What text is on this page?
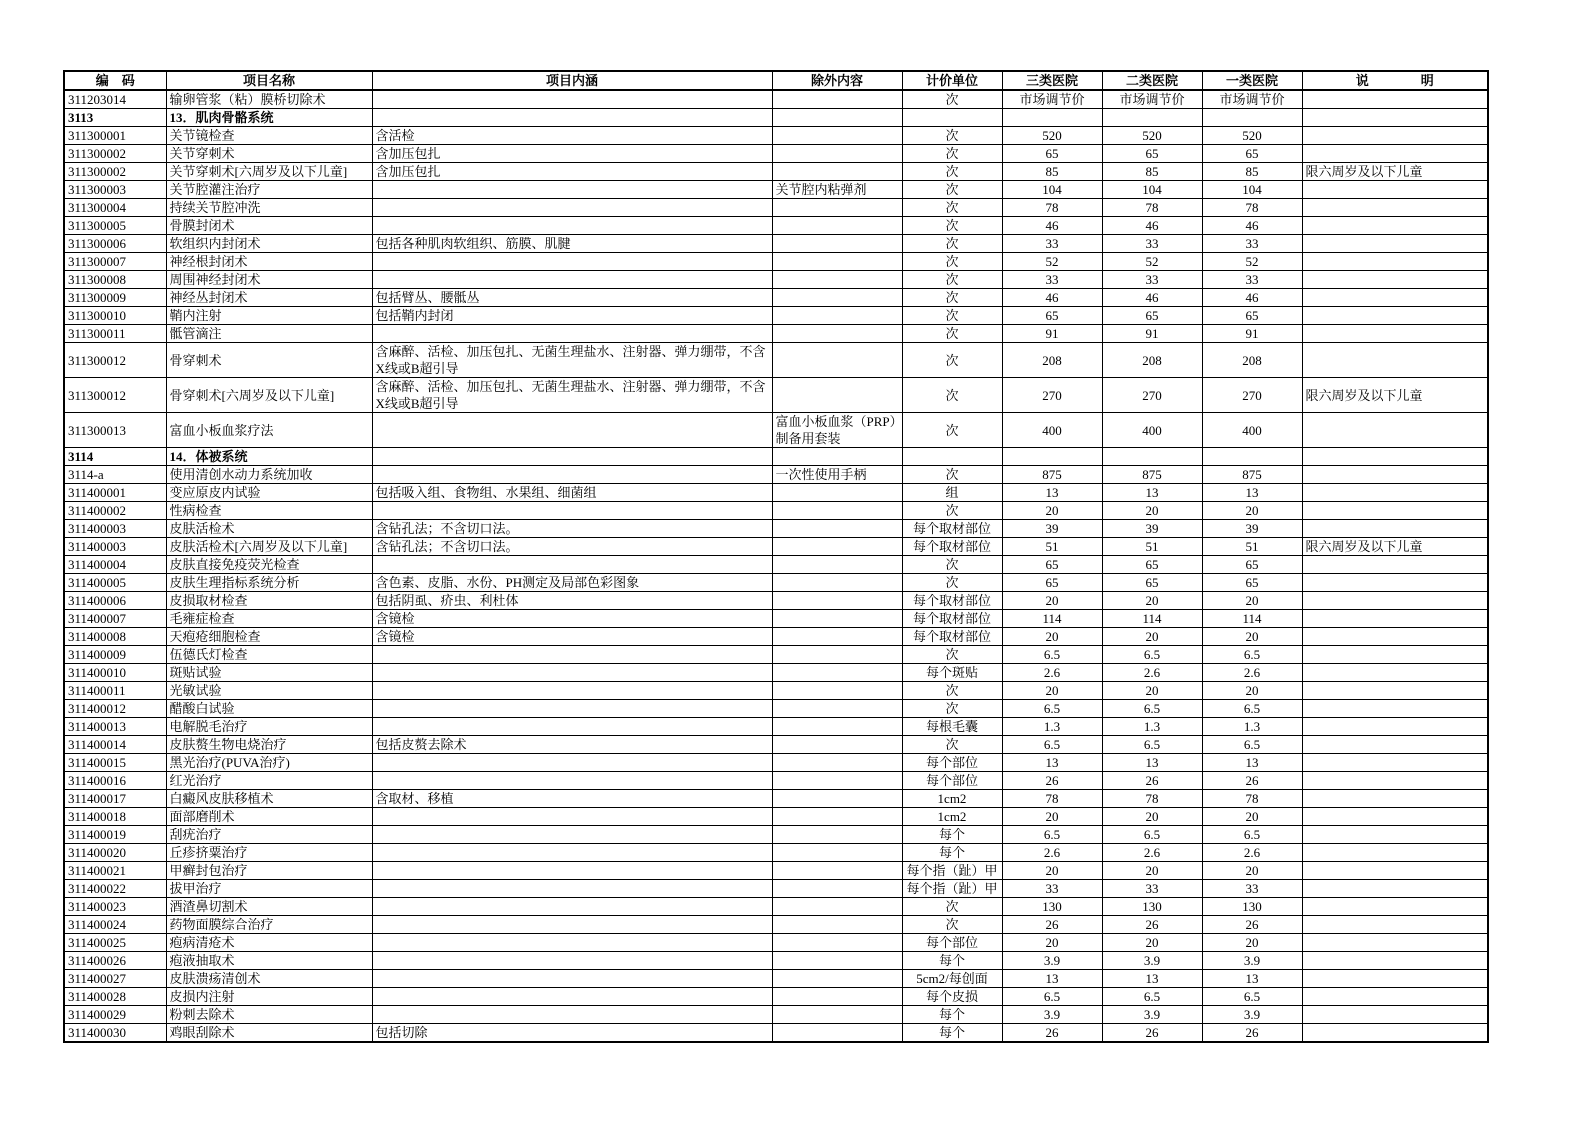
编　码	项目名称	项目内涵	除外内容	计价单位	三类医院	二类医院	一类医院	说　　　　明
311203014	输卵管浆（粘）膜桥切除术			次	市场调节价	市场调节价	市场调节价	
3113	13．肌肉骨骼系统							
311300001	关节镜检查	含活检		次	520	520	520	
311300002	关节穿刺术	含加压包扎		次	65	65	65	
311300002	关节穿刺术[六周岁及以下儿童]	含加压包扎		次	85	85	85	限六周岁及以下儿童
311300003	关节腔灌注治疗		关节腔内粘弹剂	次	104	104	104	
311300004	持续关节腔冲洗			次	78	78	78	
311300005	骨膜封闭术			次	46	46	46	
311300006	软组织内封闭术	包括各种肌肉软组织、筋膜、肌腱		次	33	33	33	
311300007	神经根封闭术			次	52	52	52	
311300008	周围神经封闭术			次	33	33	33	
311300009	神经丛封闭术	包括臂丛、腰骶丛		次	46	46	46	
311300010	鞘内注射	包括鞘内封闭		次	65	65	65	
311300011	骶管滴注			次	91	91	91	
311300012	骨穿刺术	含麻醉、活检、加压包扎、无菌生理盐水、注射器、弹力绷带，不含X线或B超引导		次	208	208	208	
311300012	骨穿刺术[六周岁及以下儿童]	含麻醉、活检、加压包扎、无菌生理盐水、注射器、弹力绷带，不含X线或B超引导		次	270	270	270	限六周岁及以下儿童
311300013	富血小板血浆疗法		富血小板血浆（PRP）制备用套装	次	400	400	400	
3114	14．体被系统							
3114-a	使用清创水动力系统加收		一次性使用手柄	次	875	875	875	
311400001	变应原皮内试验	包括吸入组、食物组、水果组、细菌组		组	13	13	13	
311400002	性病检查			次	20	20	20	
311400003	皮肤活检术	含钻孔法；不含切口法。		每个取材部位	39	39	39	
311400003	皮肤活检术[六周岁及以下儿童]	含钻孔法；不含切口法。		每个取材部位	51	51	51	限六周岁及以下儿童
311400004	皮肤直接免疫荧光检查			次	65	65	65	
311400005	皮肤生理指标系统分析	含色素、皮脂、水份、PH测定及局部色彩图象		次	65	65	65	
311400006	皮损取材检查	包括阴虱、疥虫、利杜体		每个取材部位	20	20	20	
311400007	毛雍症检查	含镜检		每个取材部位	114	114	114	
311400008	天疱疮细胞检查	含镜检		每个取材部位	20	20	20	
311400009	伍德氏灯检查			次	6.5	6.5	6.5	
311400010	斑贴试验			每个斑贴	2.6	2.6	2.6	
311400011	光敏试验			次	20	20	20	
311400012	醋酸白试验			次	6.5	6.5	6.5	
311400013	电解脱毛治疗			每根毛囊	1.3	1.3	1.3	
311400014	皮肤赘生物电烧治疗	包括皮赘去除术		次	6.5	6.5	6.5	
311400015	黑光治疗(PUVA治疗)			每个部位	13	13	13	
311400016	红光治疗			每个部位	26	26	26	
311400017	白癜风皮肤移植术	含取材、移植		1cm2	78	78	78	
311400018	面部磨削术			1cm2	20	20	20	
311400019	刮疣治疗			每个	6.5	6.5	6.5	
311400020	丘疹挤粟治疗			每个	2.6	2.6	2.6	
311400021	甲癣封包治疗			每个指（趾）甲	20	20	20	
311400022	拔甲治疗			每个指（趾）甲	33	33	33	
311400023	酒渣鼻切割术			次	130	130	130	
311400024	药物面膜综合治疗			次	26	26	26	
311400025	疱病清疮术			每个部位	20	20	20	
311400026	疱液抽取术			每个	3.9	3.9	3.9	
311400027	皮肤溃疡清创术			5cm2/每创面	13	13	13	
311400028	皮损内注射			每个皮损	6.5	6.5	6.5	
311400029	粉刺去除术			每个	3.9	3.9	3.9	
311400030	鸡眼刮除术	包括切除		每个	26	26	26	
